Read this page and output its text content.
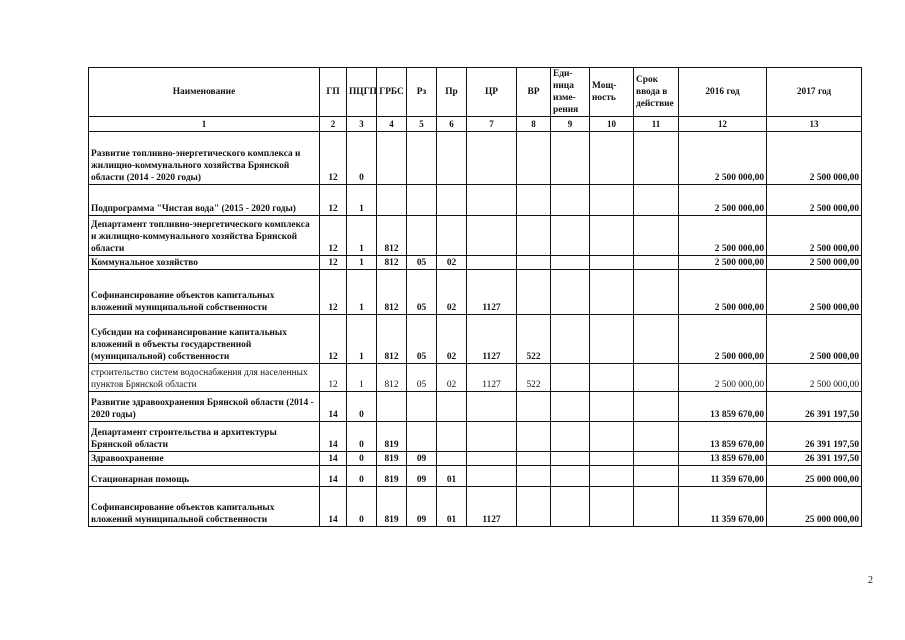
Наименование	ГП	ПЦГП	ГРБС	Рз	Пр	ЦР	ВР	Еди-ница изме-рения	Мощ-ность	Срок ввода в действие	2016 год	2017 год
1	2	3	4	5	6	7	8	9	10	11	12	13
Развитие топливно-энергетического комплекса и жилищно-коммунального хозяйства Брянской области (2014 - 2020 годы)	12	0									2 500 000,00	2 500 000,00
Подпрограмма "Чистая вода" (2015 - 2020 годы)	12	1									2 500 000,00	2 500 000,00
Департамент топливно-энергетического комплекса и жилищно-коммунального хозяйства Брянской области	12	1	812								2 500 000,00	2 500 000,00
Коммунальное хозяйство	12	1	812	05	02						2 500 000,00	2 500 000,00
Софинансирование объектов капитальных вложений муниципальной собственности	12	1	812	05	02	1127					2 500 000,00	2 500 000,00
Субсидии на софинансирование капитальных вложений в объекты государственной (муниципальной) собственности	12	1	812	05	02	1127	522				2 500 000,00	2 500 000,00
строительство систем водоснабжения для населенных пунктов Брянской области	12	1	812	05	02	1127	522				2 500 000,00	2 500 000,00
Развитие здравоохранения Брянской области (2014 - 2020 годы)	14	0									13 859 670,00	26 391 197,50
Департамент строительства и архитектуры Брянской области	14	0	819								13 859 670,00	26 391 197,50
Здравоохранение	14	0	819	09							13 859 670,00	26 391 197,50
Стационарная помощь	14	0	819	09	01						11 359 670,00	25 000 000,00
Софинансирование объектов капитальных вложений муниципальной собственности	14	0	819	09	01	1127					11 359 670,00	25 000 000,00
2
